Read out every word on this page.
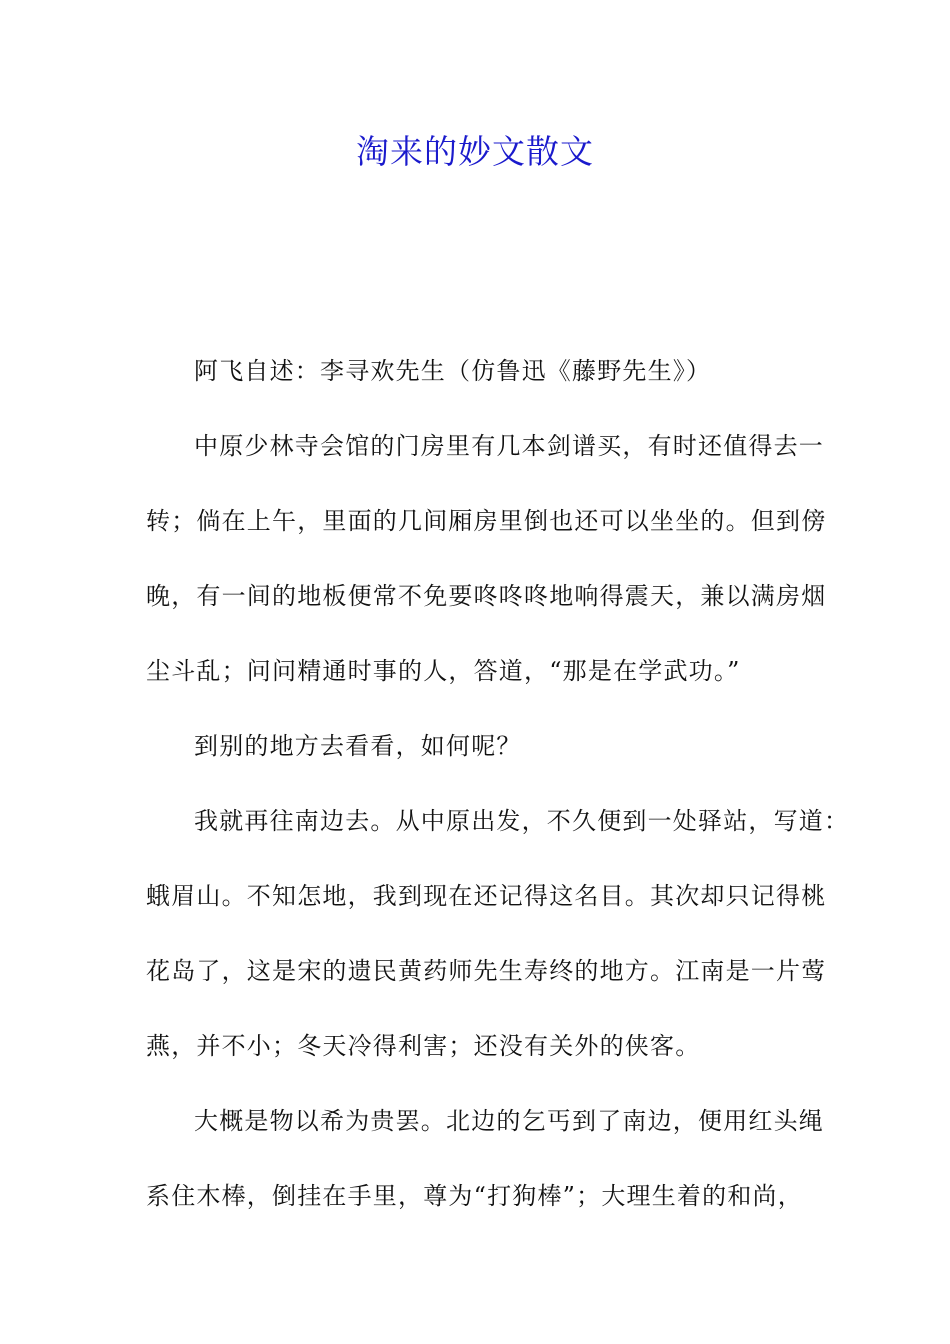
淘来的妙文散文
阿飞自述：李寻欢先生（仿鲁迅《藤野先生》）
中原少林寺会馆的门房里有几本剑谱买，有时还值得去一
转；倘在上午，里面的几间厢房里倒也还可以坐坐的。但到傍
晚，有一间的地板便常不免要咚咚咚地响得震天，兼以满房烟
尘斗乱；问问精通时事的人，答道，“那是在学武功。”
到别的地方去看看，如何呢？
我就再往南边去。从中原出发，不久便到一处驿站，写道：
蛾眉山。不知怎地，我到现在还记得这名目。其次却只记得桃
花岛了，这是宋的遗民黄药师先生寿终的地方。江南是一片莺
燕，并不小；冬天冷得利害；还没有关外的侠客。
大概是物以希为贵罢。北边的乞丐到了南边，便用红头绳
系住木棒，倒挂在手里，尊为“打狗棒”；大理生着的和尚，
